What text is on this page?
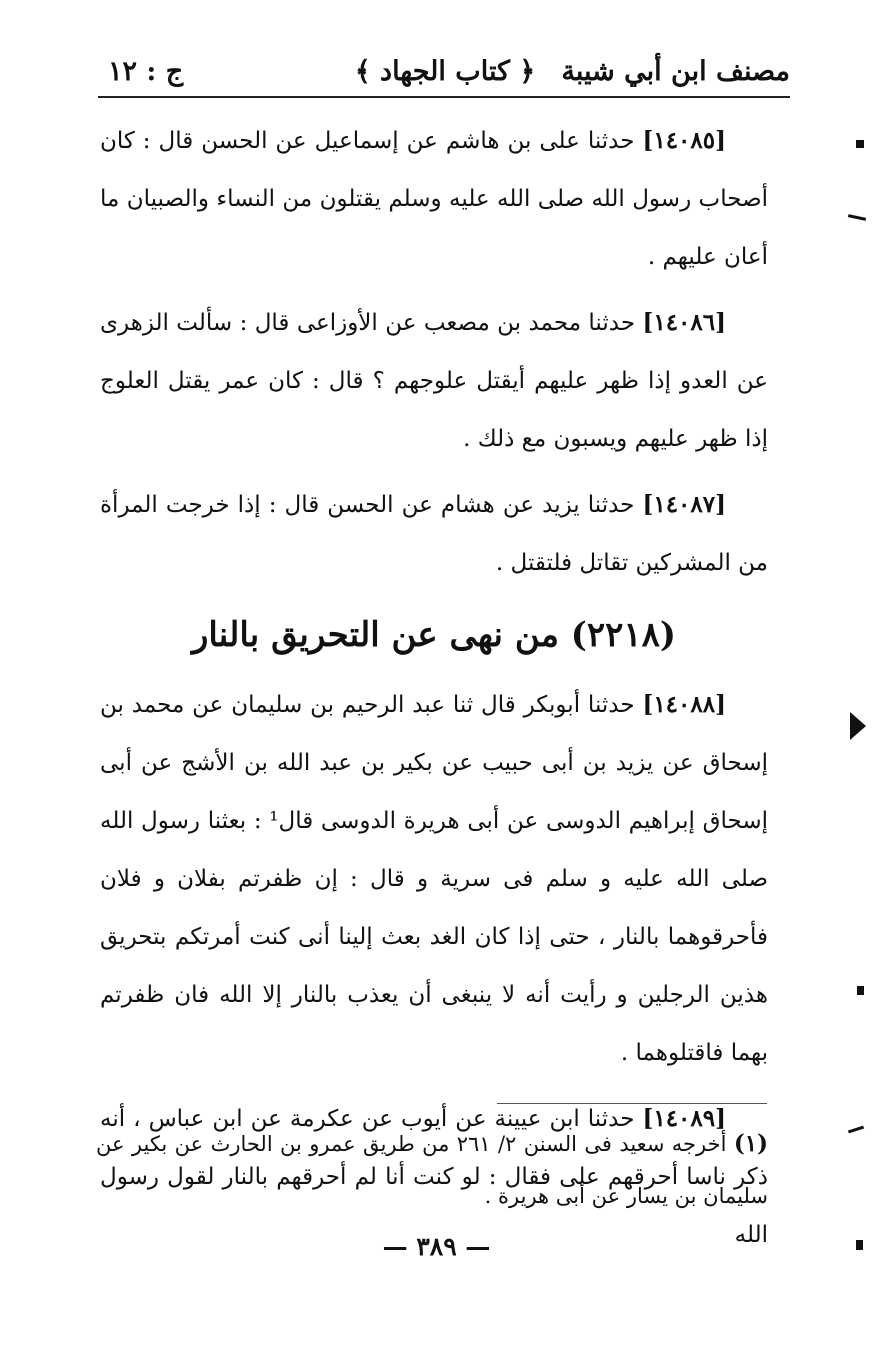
مصنف ابن أبي شيبة
﴿ كتاب الجهاد ﴾
ج : ١٢

[١٤٠٨٥] حدثنا على بن هاشم عن إسماعيل عن الحسن قال : كان أصحاب رسول الله صلى الله عليه وسلم يقتلون من النساء والصبيان ما أعان عليهم .

[١٤٠٨٦] حدثنا محمد بن مصعب عن الأوزاعى قال : سألت الزهرى عن العدو إذا ظهر عليهم أيقتل علوجهم ؟ قال : كان عمر يقتل العلوج إذا ظهر عليهم ويسبون مع ذلك .

[١٤٠٨٧] حدثنا يزيد عن هشام عن الحسن قال : إذا خرجت المرأة من المشركين تقاتل فلتقتل .

(٢٢١٨) من نهى عن التحريق بالنار

[١٤٠٨٨] حدثنا أبوبكر قال ثنا عبد الرحيم بن سليمان عن محمد بن إسحاق عن يزيد بن أبى حبيب عن بكير بن عبد الله بن الأشج عن أبى إسحاق إبراهيم الدوسى عن أبى هريرة الدوسى قال¹ : بعثنا رسول الله صلى الله عليه و سلم فى سرية و قال : إن ظفرتم بفلان و فلان فأحرقوهما بالنار ، حتى إذا كان الغد بعث إلينا أنى كنت أمرتكم بتحريق هذين الرجلين و رأيت أنه لا ينبغى أن يعذب بالنار إلا الله فان ظفرتم بهما فاقتلوهما .

[١٤٠٨٩] حدثنا ابن عيينة عن أيوب عن عكرمة عن ابن عباس ، أنه ذكر ناسا أحرقهم على فقال : لو كنت أنا لم أحرقهم بالنار لقول رسول الله

(١) أخرجه سعيد فى السنن ٢/ ٢٦١ من طريق عمرو بن الحارث عن بكير عن سليمان بن يسار عن أبى هريرة .
— ٣٨٩ —
